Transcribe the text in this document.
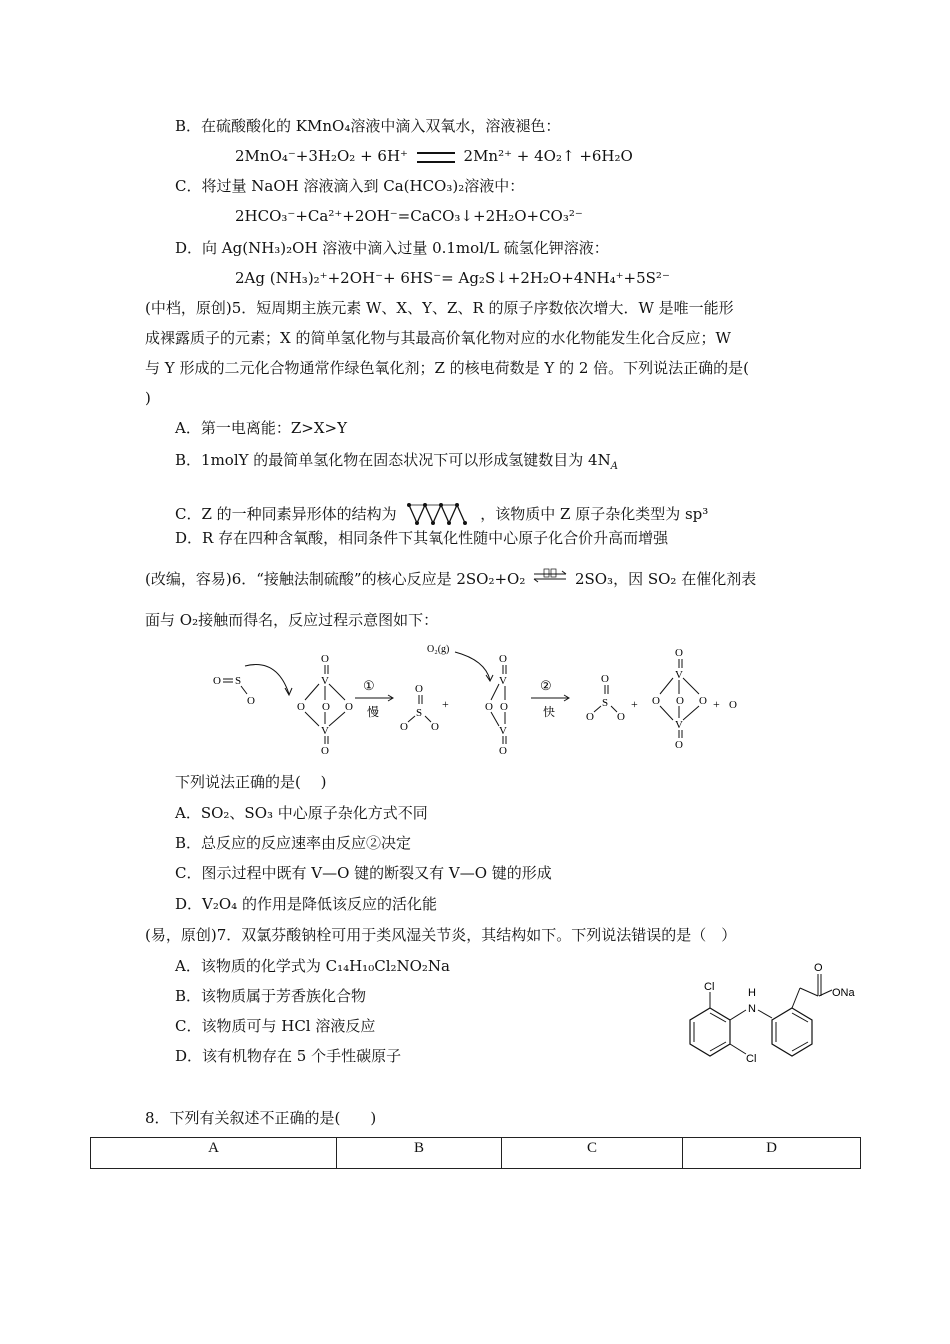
B．在硫酸酸化的 KMnO₄溶液中滴入双氧水，溶液褪色：
2MnO₄⁻+3H₂O₂ + 6H⁺	2Mn²⁺ + 4O₂↑ +6H₂O
C．将过量 NaOH 溶液滴入到 Ca(HCO₃)₂溶液中：
2HCO₃⁻+Ca²⁺+2OH⁻=CaCO₃↓+2H₂O+CO₃²⁻
D．向 Ag(NH₃)₂OH 溶液中滴入过量 0.1mol/L 硫氢化钾溶液：
2Ag (NH₃)₂⁺+2OH⁻+ 6HS⁻= Ag₂S↓+2H₂O+4NH₄⁺+5S²⁻
(中档，原创)5．短周期主族元素 W、X、Y、Z、R 的原子序数依次增大．W 是唯一能形
成裸露质子的元素；X 的简单氢化物与其最高价氧化物对应的水化物能发生化合反应；W
与 Y 形成的二元化合物通常作绿色氧化剂；Z 的核电荷数是 Y 的 2 倍。下列说法正确的是(
)
A．第一电离能：Z>X>Y
B．1molY 的最简单氢化物在固态状况下可以形成氢键数目为 $4N_A$
C．Z 的一种同素异形体的结构为	，该物质中 Z 原子杂化类型为 sp³
D．R 存在四种含氧酸，相同条件下其氧化性随中心原子化合价升高而增强
(改编，容易)6．“接触法制硫酸”的核心反应是 2SO₂+O₂ ⇌ 2SO₃，因 SO₂ 在催化剂表
面与 O₂接触而得名，反应过程示意图如下：
O S
O
O
V
O O O
V
O
①
慢
O
S
O O
+
O₂(g)
O
V
O O
V
O
②
快
O
S
O O
+
O
V
O O O
V
O
+ O
下列说法正确的是(　 )
A．SO₂、SO₃ 中心原子杂化方式不同
B．总反应的反应速率由反应②决定
C．图示过程中既有 V—O 键的断裂又有 V—O 键的形成
D．V₂O₄ 的作用是降低该反应的活化能
(易，原创)7．双氯芬酸钠栓可用于类风湿关节炎，其结构如下。下列说法错误的是（　）
A．该物质的化学式为 C₁₄H₁₀Cl₂NO₂Na
B．该物质属于芳香族化合物
C．该物质可与 HCl 溶液反应
D．该有机物存在 5 个手性碳原子
Cl
Cl
H
N
O
ONa
8．下列有关叙述不正确的是(　　)
A	B	C	D
